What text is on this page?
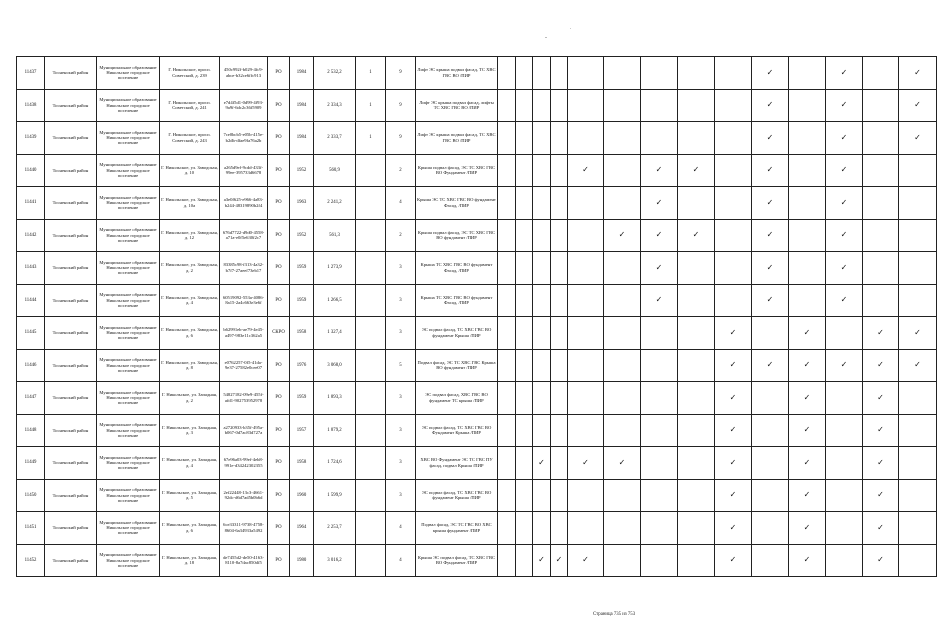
11437	Тосненский район	Муниципальное образование Никольское городское поселение	Г. Никольское, просп. Советский, д. 239	450c992f-b029-4fc9-abce-b32ce6ffc913	РО	1984	2 532,2	1	9	Лифт ЭС крыша подвал фасад, ТС ХВС ГВС ВО /ПИР										✓		✓		✓
11438	Тосненский район	Муниципальное образование Никольское городское поселение	Г. Никольское, просп. Советский, д. 241	e7d4f5d1-0d99-4f93-9a9f-6dc2c36f5909	РО	1984	2 334,3	1	9	Лифт ЭС крыша подвал фасад, лифты ТС ХВС ГВС ВО /ПИР										✓		✓		✓
11439	Тосненский район	Муниципальное образование Никольское городское поселение	Г. Никольское, просп. Советский, д. 243	7ce0bcb5-e05b-415e-b2db-dfae9fa76a2b	РО	1984	2 333,7	1	9	Лифт ЭС крыша подвал фасад, ТС ХВС ГВС ВО /ПИР										✓		✓		✓
11440	Тосненский район	Муниципальное образование Никольское городское поселение	Г. Никольское, ул. Заводская, д. 10	a265d9ef-9cdd-433f-99ee-395733d6678	РО	1952	560,9		2	Крыша подвал фасад, ЭС ТС ХВС ГВС ВО Фундамент /ПИР					✓		✓	✓		✓		✓		
11441	Тосненский район	Муниципальное образование Никольское городское поселение	Г. Никольское, ул. Заводская, д. 10а	a3e0f625-e966-4a83-b244-48319890b2f4	РО	1963	2 241,2		4	Крыша ЭС ТС ХВС ГВС ВО фундамент Фасад, /ПИР							✓			✓		✓		
11442	Тосненский район	Муниципальное образование Никольское городское поселение	Г. Никольское, ул. Заводская, д. 12	676d7722-d9d0-4558-a71a-e0f5e630f2c7	РО	1952	561,3		2	Крыша подвал фасад, ЭС ТС ХВС ГВС ВО фундамент /ПИР						✓	✓	✓		✓		✓		
11443	Тосненский район	Муниципальное образование Никольское городское поселение	Г. Никольское, ул. Заводская, д. 2	83385c98-f313-4a32-b7f7-27aeef73eb17	РО	1959	1 273,9		3	Крыша ТС ХВС ГВС ВО фундамент Фасад, /ПИР							✓			✓		✓		
11444	Тосненский район	Муниципальное образование Никольское городское поселение	Г. Никольское, ул. Заводская, д. 4	60519092-553a-4086-8a15-2a4c663e3e6f	РО	1959	1 266,5		3	Крыша ТС ХВС ГВС ВО фундамент Фасад, /ПИР							✓			✓		✓		
11445	Тосненский район	Муниципальное образование Никольское городское поселение	Г. Никольское, ул. Заводская, д. 6	b62991eb-ae79-4e45-a497-983e11c362a5	СКРО	1958	1 327,4		3	ЭС подвал фасад, ТС ХВС ГВС ВО фундамент Крыша /ПИР									✓		✓		✓	✓
11446	Тосненский район	Муниципальное образование Никольское городское поселение	Г. Никольское, ул. Заводская, д. 8	e0762257-0f5-41da-9e37-27582e0cee07	РО	1976	3 068,0		5	Подвал фасад, ЭС ТС ХВС ГВС Крыша ВО фундамент /ПИР									✓	✓	✓	✓	✓	✓
11447	Тосненский район	Муниципальное образование Никольское городское поселение	Г. Никольское, ул. Западная, д. 2	54827182-09e9-455f-afd1-902753952978	РО	1959	1 893,3		3	ЭС подвал фасад, ХВС ГВС ВО фундамент ТС крыша /ПИР									✓		✓		✓	
11448	Тосненский район	Муниципальное образование Никольское городское поселение	Г. Никольское, ул. Западная, д. 3	a2720933-b35f-495a-b067-0d7ac83d727a	РО	1957	1 879,2		3	ЭС подвал фасад, ТС ХВС ГВС ВО Фундамент Крыша /ПИР									✓		✓		✓	
11449	Тосненский район	Муниципальное образование Никольское городское поселение	Г. Никольское, ул. Западная, д. 4	67e96a03-99ef-4eb8-991e-d34242302355	РО	1958	1 724,6		3	ХВС ВО Фундамент ЭС ТС ГВС ПУ фасад, подвал Крыша /ПИР			✓		✓	✓			✓		✓		✓	
11450	Тосненский район	Муниципальное образование Никольское городское поселение	Г. Никольское, ул. Западная, д. 5	2ef22448-13c3-4661-92dc-d6d7ad5b0b6d	РО	1960	1 599,9		3	ЭС подвал фасад, ТС ХВС ГВС ВО фундамент Крыша /ПИР									✓		✓		✓	
11451	Тосненский район	Муниципальное образование Никольское городское поселение	Г. Никольское, ул. Западная, д. 6	6ce33311-9738-4758-8604-6a34933a5492	РО	1964	2 253,7		4	Подвал фасад, ЭС ТС ГВС ВО ХВС крыша фундамент /ПИР									✓		✓		✓	
11452	Тосненский район	Муниципальное образование Никольское городское поселение	Г. Никольское, ул. Западная, д. 18	de7455d2-de50-4163-8110-8a7dac850df5	РО	1980	3 016,2		4	Крыша ЭС подвал фасад, ТС ХВС ГВС ВО Фундамент /ПИР			✓	✓	✓				✓		✓		✓	
Страница 735 из 753
